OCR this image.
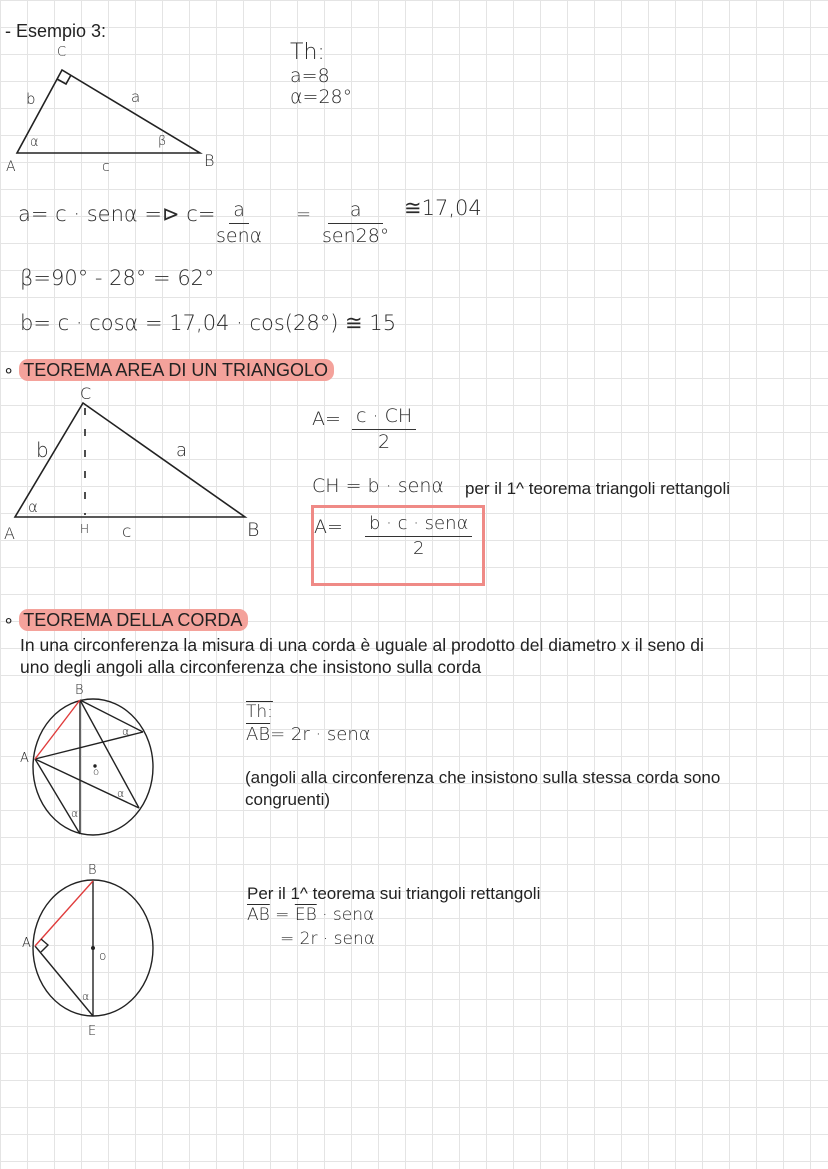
- Esempio 3:
C
b	a
α	β
A	c	B
Th:
a=8
α=28°
a= c · senα =⊳ c= a
senα
=	a
sen28°
≅17,04
β=90° - 28° = 62°
b= c · cosα = 17,04 · cos(28°) ≅ 15
∘ TEOREMA AREA DI UN TRIANGOLO
C
b	a
α
A	H c	B
$A= \frac{c \cdot CH}{2}$
CH = b · senα per il 1^ teorema triangoli rettangoli
A= b · c · senα
2
∘ TEOREMA DELLA CORDA
In una circonferenza la misura di una corda è uguale al prodotto del diametro x il seno di
uno degli angoli alla circonferenza che insistono sulla corda
B
A
o
α
α
α
Th:
$\overline{AB}= 2r \cdot sen\alpha$
(angoli alla circonferenza che insistono sulla stessa corda sono
congruenti)
B
A
o
α
E
Per il 1^ teorema sui triangoli rettangoli
$\overline{AB} = \overline{EB} \cdot sen\alpha$
= 2r · senα
